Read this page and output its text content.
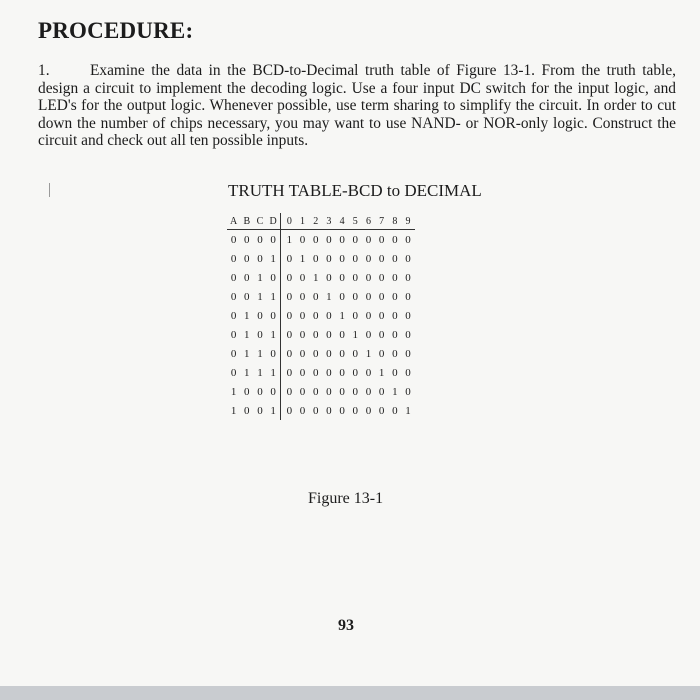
PROCEDURE:
1.	Examine the data in the BCD-to-Decimal truth table of Figure 13-1. From the truth table, design a circuit to implement the decoding logic. Use a four input DC switch for the input logic, and LED's for the output logic. Whenever possible, use term sharing to simplify the circuit. In order to cut down the number of chips necessary, you may want to use NAND- or NOR-only logic. Construct the circuit and check out all ten possible inputs.
TRUTH TABLE-BCD to DECIMAL
A	B	C	D	0	1	2	3	4	5	6	7	8	9
0	0	0	0	1	0	0	0	0	0	0	0	0	0
0	0	0	1	0	1	0	0	0	0	0	0	0	0
0	0	1	0	0	0	1	0	0	0	0	0	0	0
0	0	1	1	0	0	0	1	0	0	0	0	0	0
0	1	0	0	0	0	0	0	1	0	0	0	0	0
0	1	0	1	0	0	0	0	0	1	0	0	0	0
0	1	1	0	0	0	0	0	0	0	1	0	0	0
0	1	1	1	0	0	0	0	0	0	0	1	0	0
1	0	0	0	0	0	0	0	0	0	0	0	1	0
1	0	0	1	0	0	0	0	0	0	0	0	0	1
Figure 13-1
93
